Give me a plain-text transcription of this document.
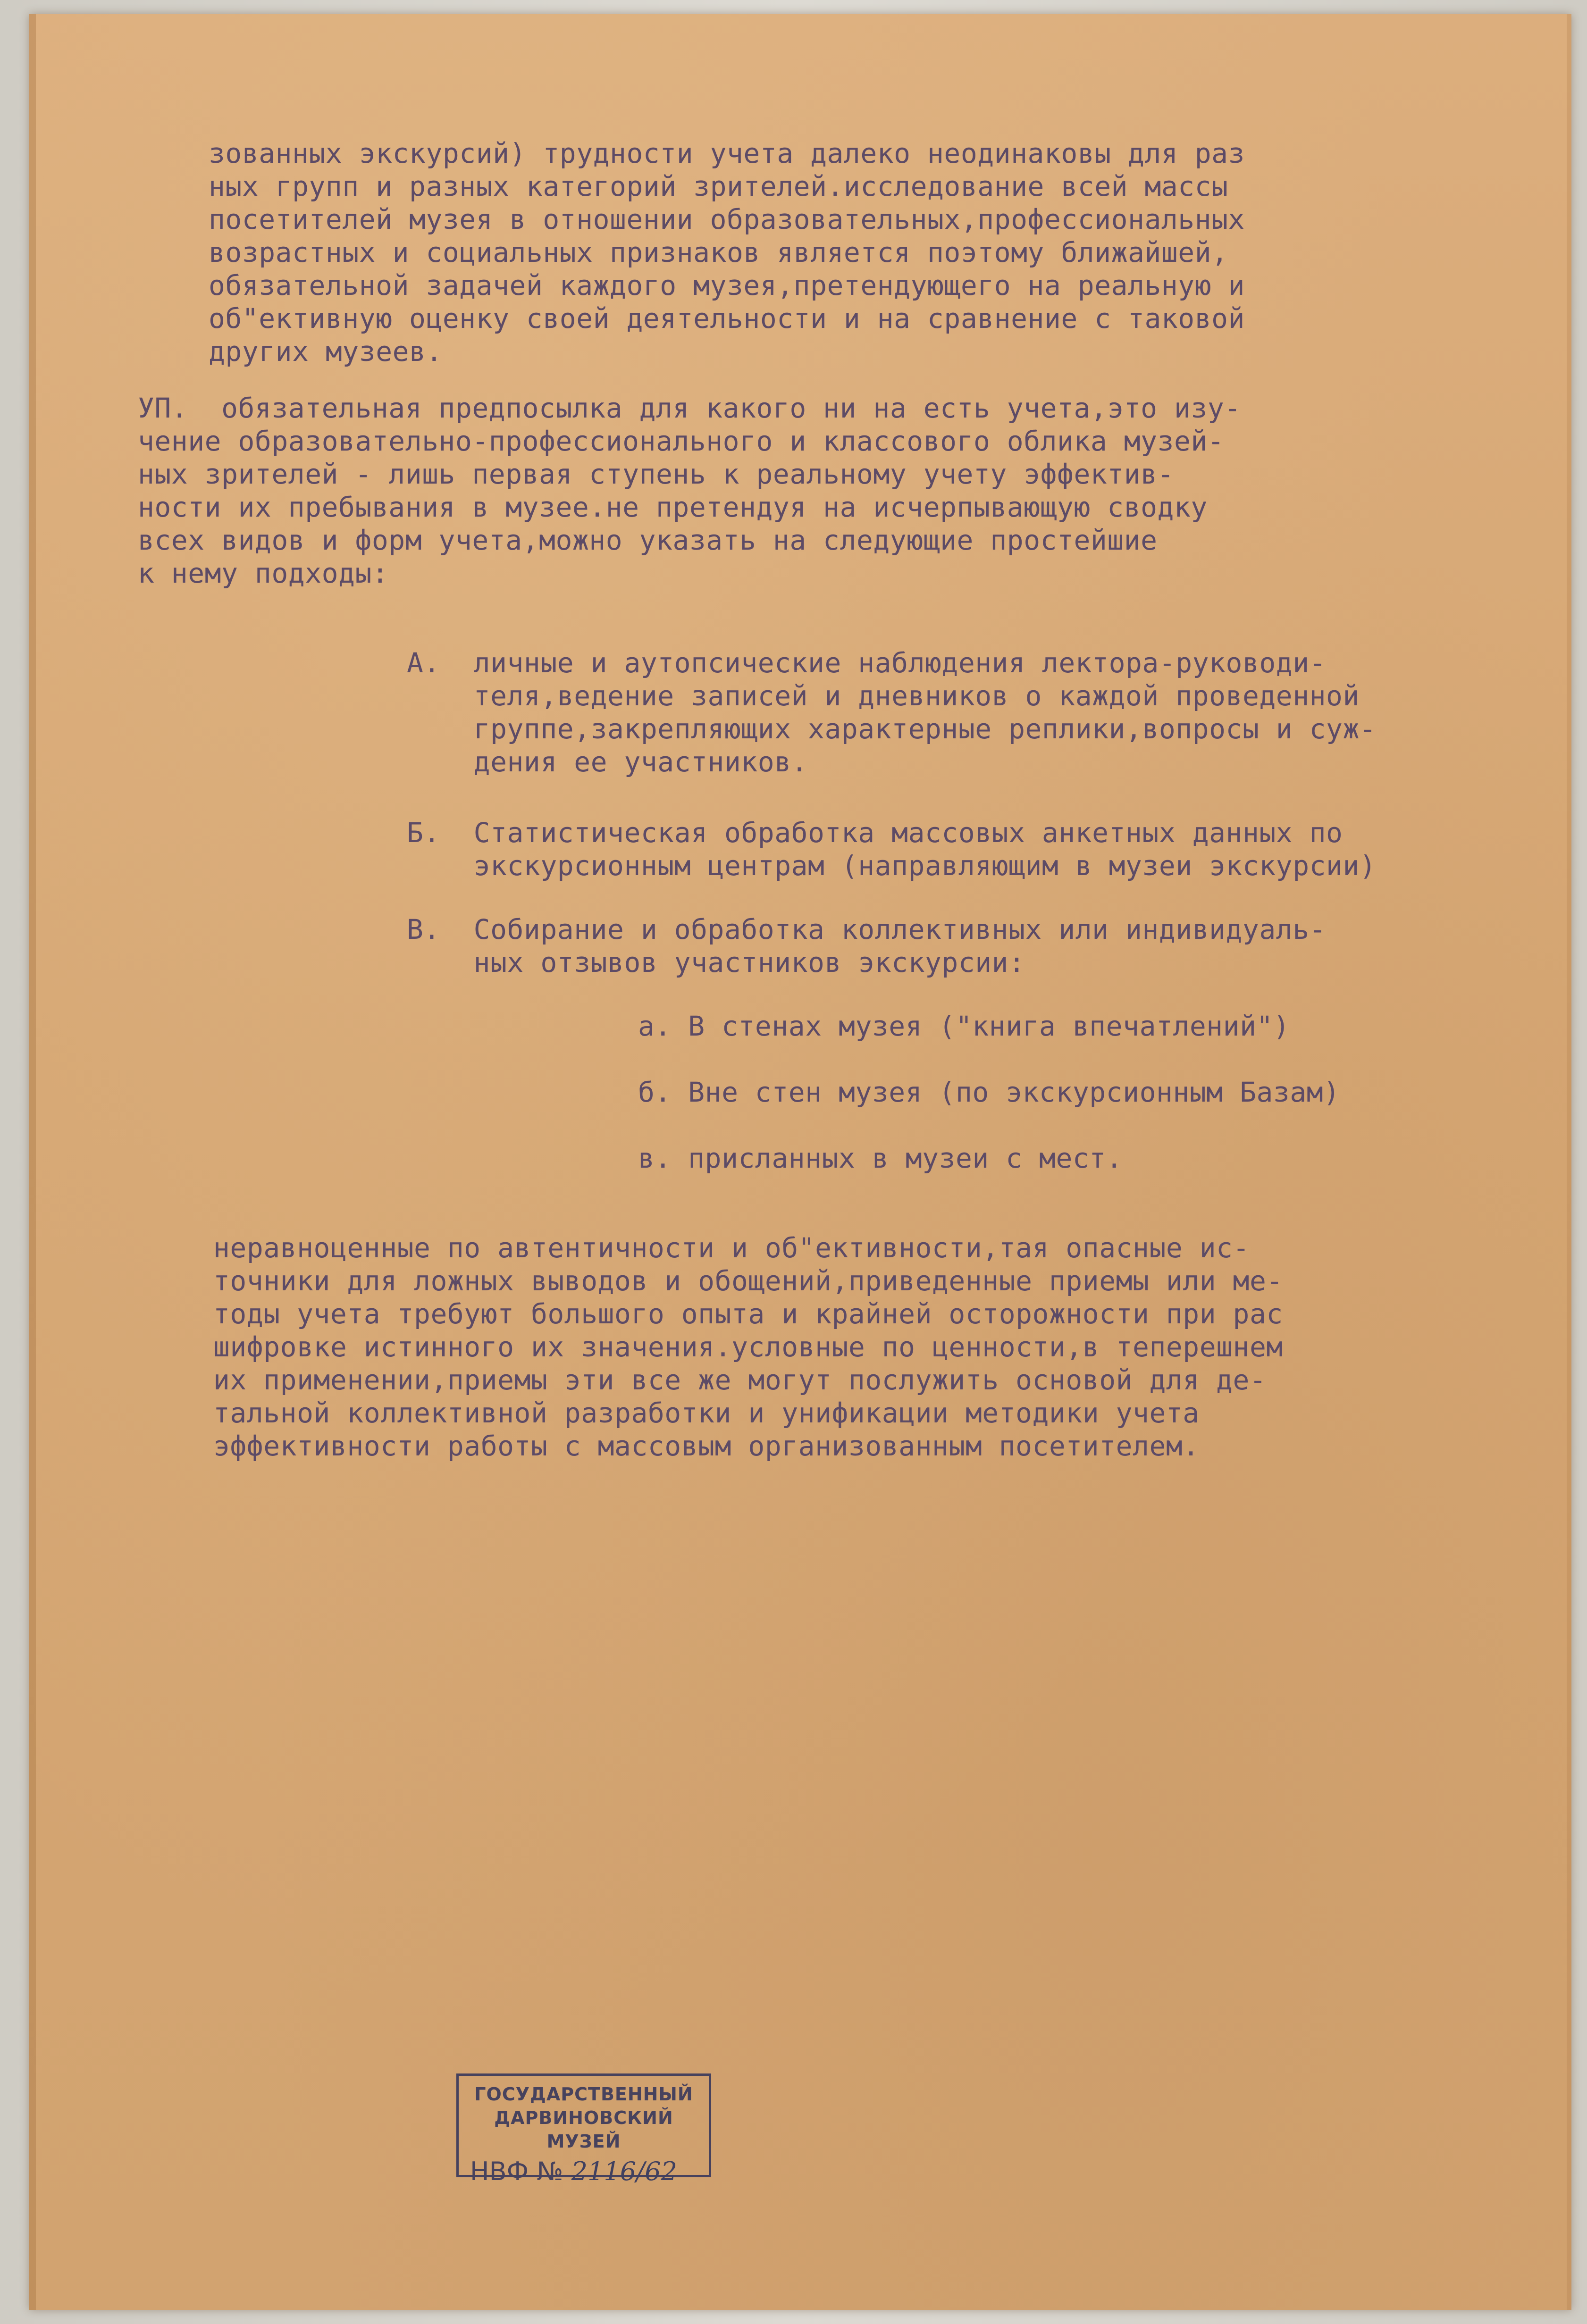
зованных экскурсий) трудности учета далеко неодинаковы для раз
ных групп и разных категорий зрителей.исследование всей массы
посетителей музея в отношении образовательных,профессиональных
возрастных и социальных признаков является поэтому ближайшей,
обязательной задачей каждого музея,претендующего на реальную и
об"ективную оценку своей деятельности и на сравнение с таковой
других музеев.
УП.  обязательная предпосылка для какого ни на есть учета,это изу-
чение образовательно-профессионального и классового облика музей-
ных зрителей - лишь первая ступень к реальному учету эффектив-
ности их пребывания в музее.не претендуя на исчерпывающую сводку
всех видов и форм учета,можно указать на следующие простейшие
к нему подходы:
А.  личные и аутопсические наблюдения лектора-руководи-
теля,ведение записей и дневников о каждой проведенной
группе,закрепляющих характерные реплики,вопросы и суж-
дения ее участников.
Б.  Статистическая обработка массовых анкетных данных по
экскурсионным центрам (направляющим в музеи экскурсии)
В.  Собирание и обработка коллективных или индивидуаль-
ных отзывов участников экскурсии:
а. В стенах музея ("книга впечатлений")
б. Вне стен музея (по экскурсионным Базам)
в. присланных в музеи с мест.
неравноценные по автентичности и об"ективности,тая опасные ис-
точники для ложных выводов и обощений,приведенные приемы или ме-
тоды учета требуют большого опыта и крайней осторожности при рас
шифровке истинного их значения.условные по ценности,в теперешнем
их применении,приемы эти все же могут послужить основой для де-
тальной коллективной разработки и унификации методики учета
эффективности работы с массовым организованным посетителем.
ГОСУДАРСТВЕННЫЙ
ДАРВИНОВСКИЙ МУЗЕЙ
НВФ № 2116/62
